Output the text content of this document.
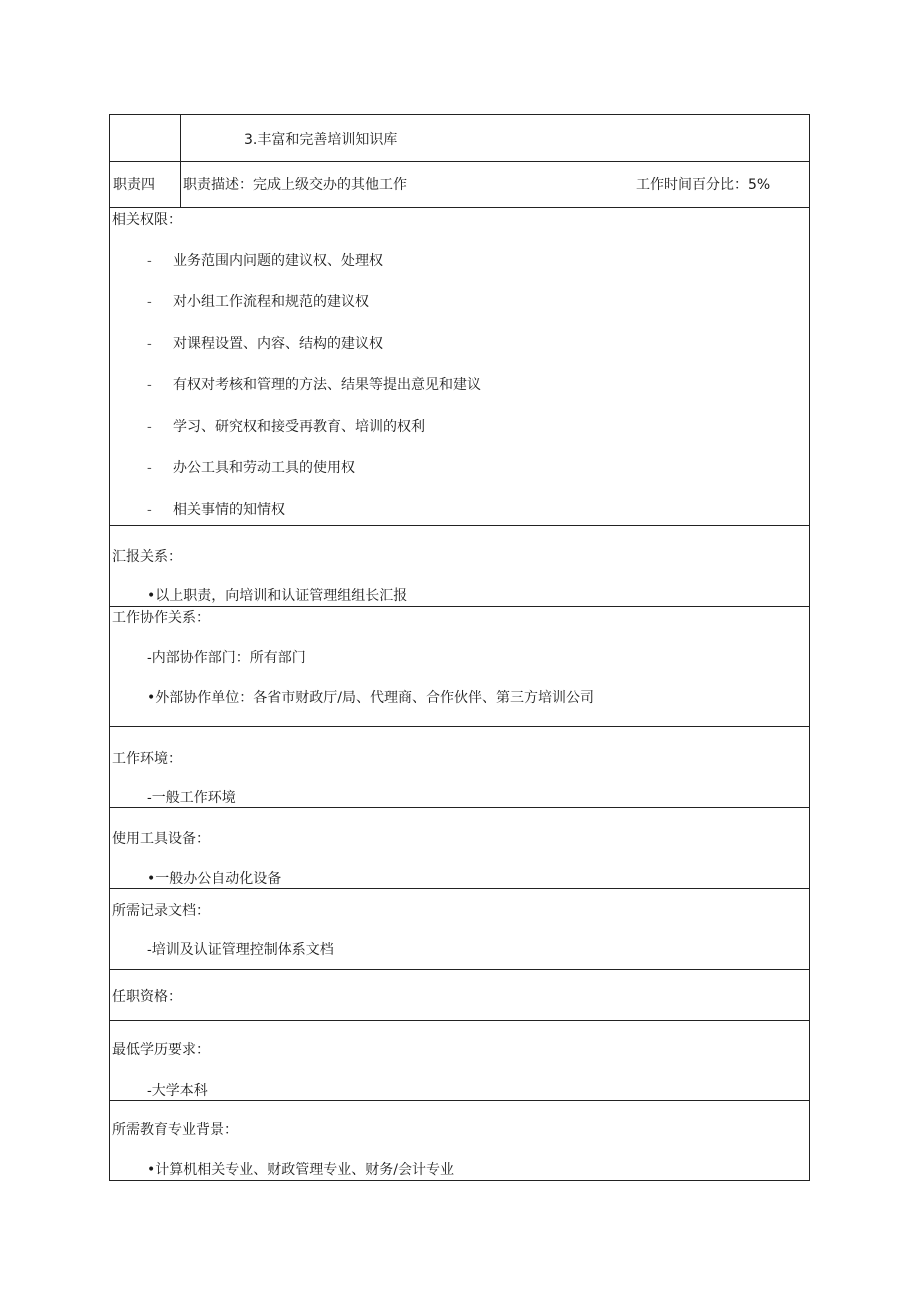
3.丰富和完善培训知识库
职责四 职责描述：完成上级交办的其他工作	工作时间百分比：5%
相关权限：
- 业务范围内问题的建议权、处理权
- 对小组工作流程和规范的建议权
- 对课程设置、内容、结构的建议权
- 有权对考核和管理的方法、结果等提出意见和建议
- 学习、研究权和接受再教育、培训的权利
- 办公工具和劳动工具的使用权
- 相关事情的知情权
汇报关系：
•以上职责，向培训和认证管理组组长汇报
工作协作关系：
-内部协作部门：所有部门
•外部协作单位：各省市财政厅/局、代理商、合作伙伴、第三方培训公司
工作环境：
-一般工作环境
使用工具设备：
•一般办公自动化设备
所需记录文档：
-培训及认证管理控制体系文档
任职资格：
最低学历要求：
-大学本科
所需教育专业背景：
•计算机相关专业、财政管理专业、财务/会计专业
